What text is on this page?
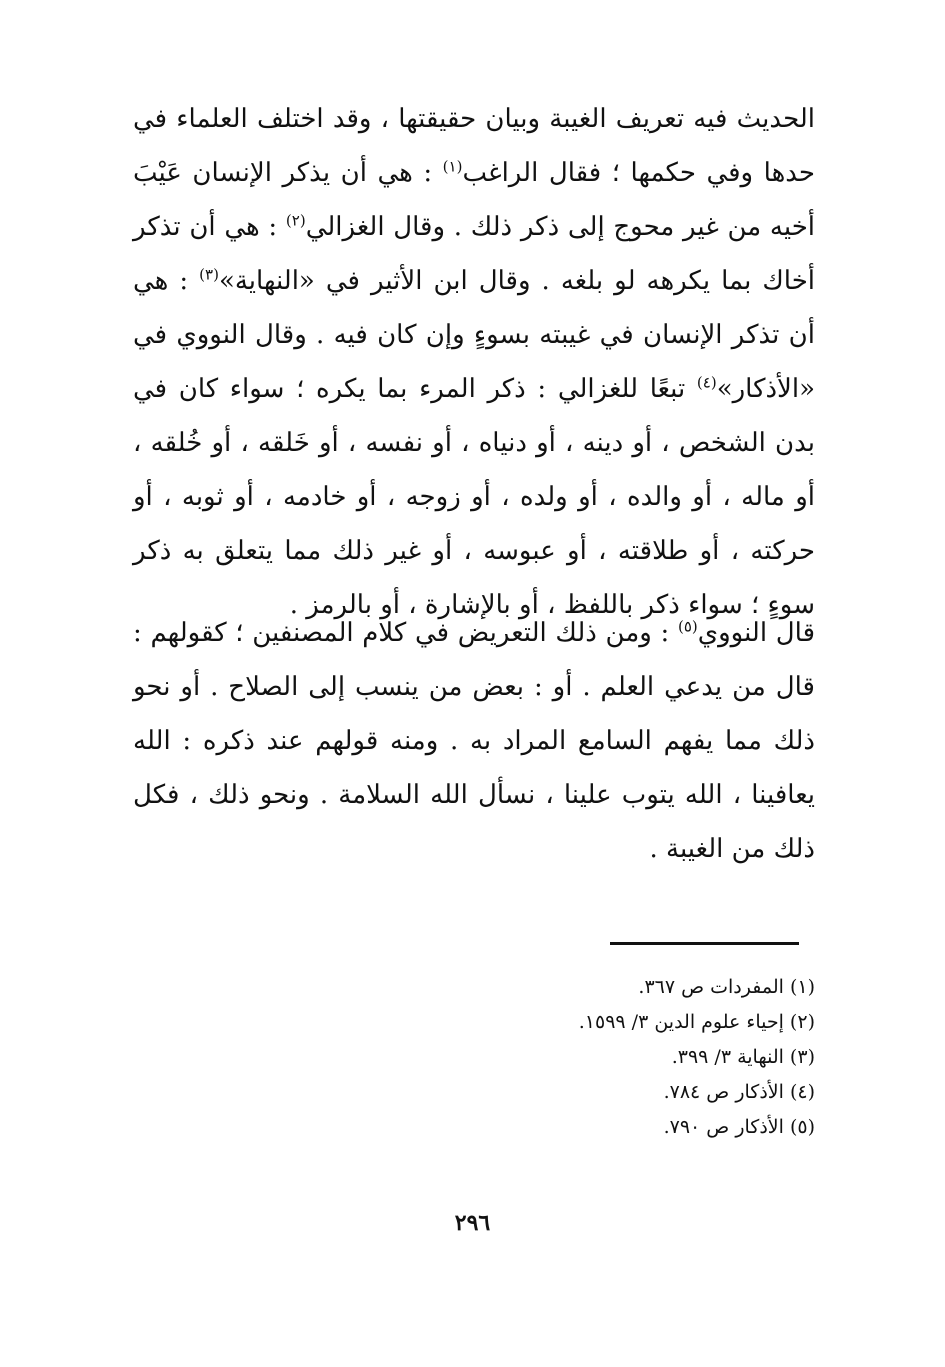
الحديث فيه تعريف الغيبة وبيان حقيقتها ، وقد اختلف العلماء في حدها وفي حكمها ؛ فقال الراغب$^{(١)}$ : هي أن يذكر الإنسان عَيْبَ أخيه من غير محوج إلى ذكر ذلك . وقال الغزالي$^{(٢)}$ : هي أن تذكر أخاك بما يكرهه لو بلغه . وقال ابن الأثير في «النهاية»$^{(٣)}$ : هي أن تذكر الإنسان في غيبته بسوءٍ وإن كان فيه . وقال النووي في «الأذكار»$^{(٤)}$ تبعًا للغزالي : ذكر المرء بما يكره ؛ سواء كان في بدن الشخص ، أو دينه ، أو دنياه ، أو نفسه ، أو خَلقه ، أو خُلقه ، أو ماله ، أو والده ، أو ولده ، أو زوجه ، أو خادمه ، أو ثوبه ، أو حركته ، أو طلاقته ، أو عبوسه ، أو غير ذلك مما يتعلق به ذكر سوءٍ ؛ سواء ذكر باللفظ ، أو بالإشارة ، أو بالرمز .

قال النووي$^{(٥)}$ : ومن ذلك التعريض في كلام المصنفين ؛ كقولهم : قال من يدعي العلم . أو : بعض من ينسب إلى الصلاح . أو نحو ذلك مما يفهم السامع المراد به . ومنه قولهم عند ذكره : الله يعافينا ، الله يتوب علينا ، نسأل الله السلامة . ونحو ذلك ، فكل ذلك من الغيبة .

(١) المفردات ص ٣٦٧.
(٢) إحياء علوم الدين ٣/ ١٥٩٩.
(٣) النهاية ٣/ ٣٩٩.
(٤) الأذكار ص ٧٨٤.
(٥) الأذكار ص ٧٩٠.
٢٩٦
